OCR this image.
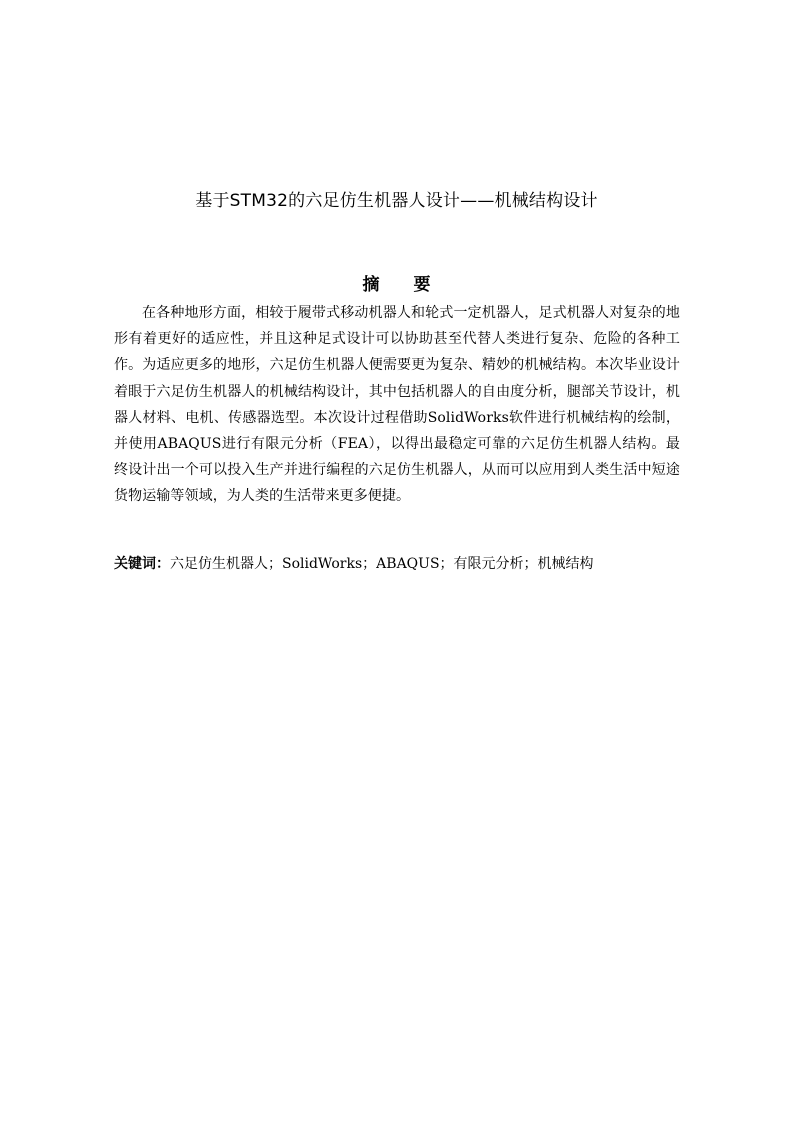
基于STM32的六足仿生机器人设计——机械结构设计
摘 要

在各种地形方面，相较于履带式移动机器人和轮式一定机器人，足式机器人对复杂的地形有着更好的适应性，并且这种足式设计可以协助甚至代替人类进行复杂、危险的各种工作。为适应更多的地形，六足仿生机器人便需要更为复杂、精妙的机械结构。本次毕业设计着眼于六足仿生机器人的机械结构设计，其中包括机器人的自由度分析，腿部关节设计，机器人材料、电机、传感器选型。本次设计过程借助SolidWorks软件进行机械结构的绘制，并使用ABAQUS进行有限元分析（FEA），以得出最稳定可靠的六足仿生机器人结构。最终设计出一个可以投入生产并进行编程的六足仿生机器人，从而可以应用到人类生活中短途货物运输等领域，为人类的生活带来更多便捷。

关键词：六足仿生机器人；SolidWorks；ABAQUS；有限元分析；机械结构
